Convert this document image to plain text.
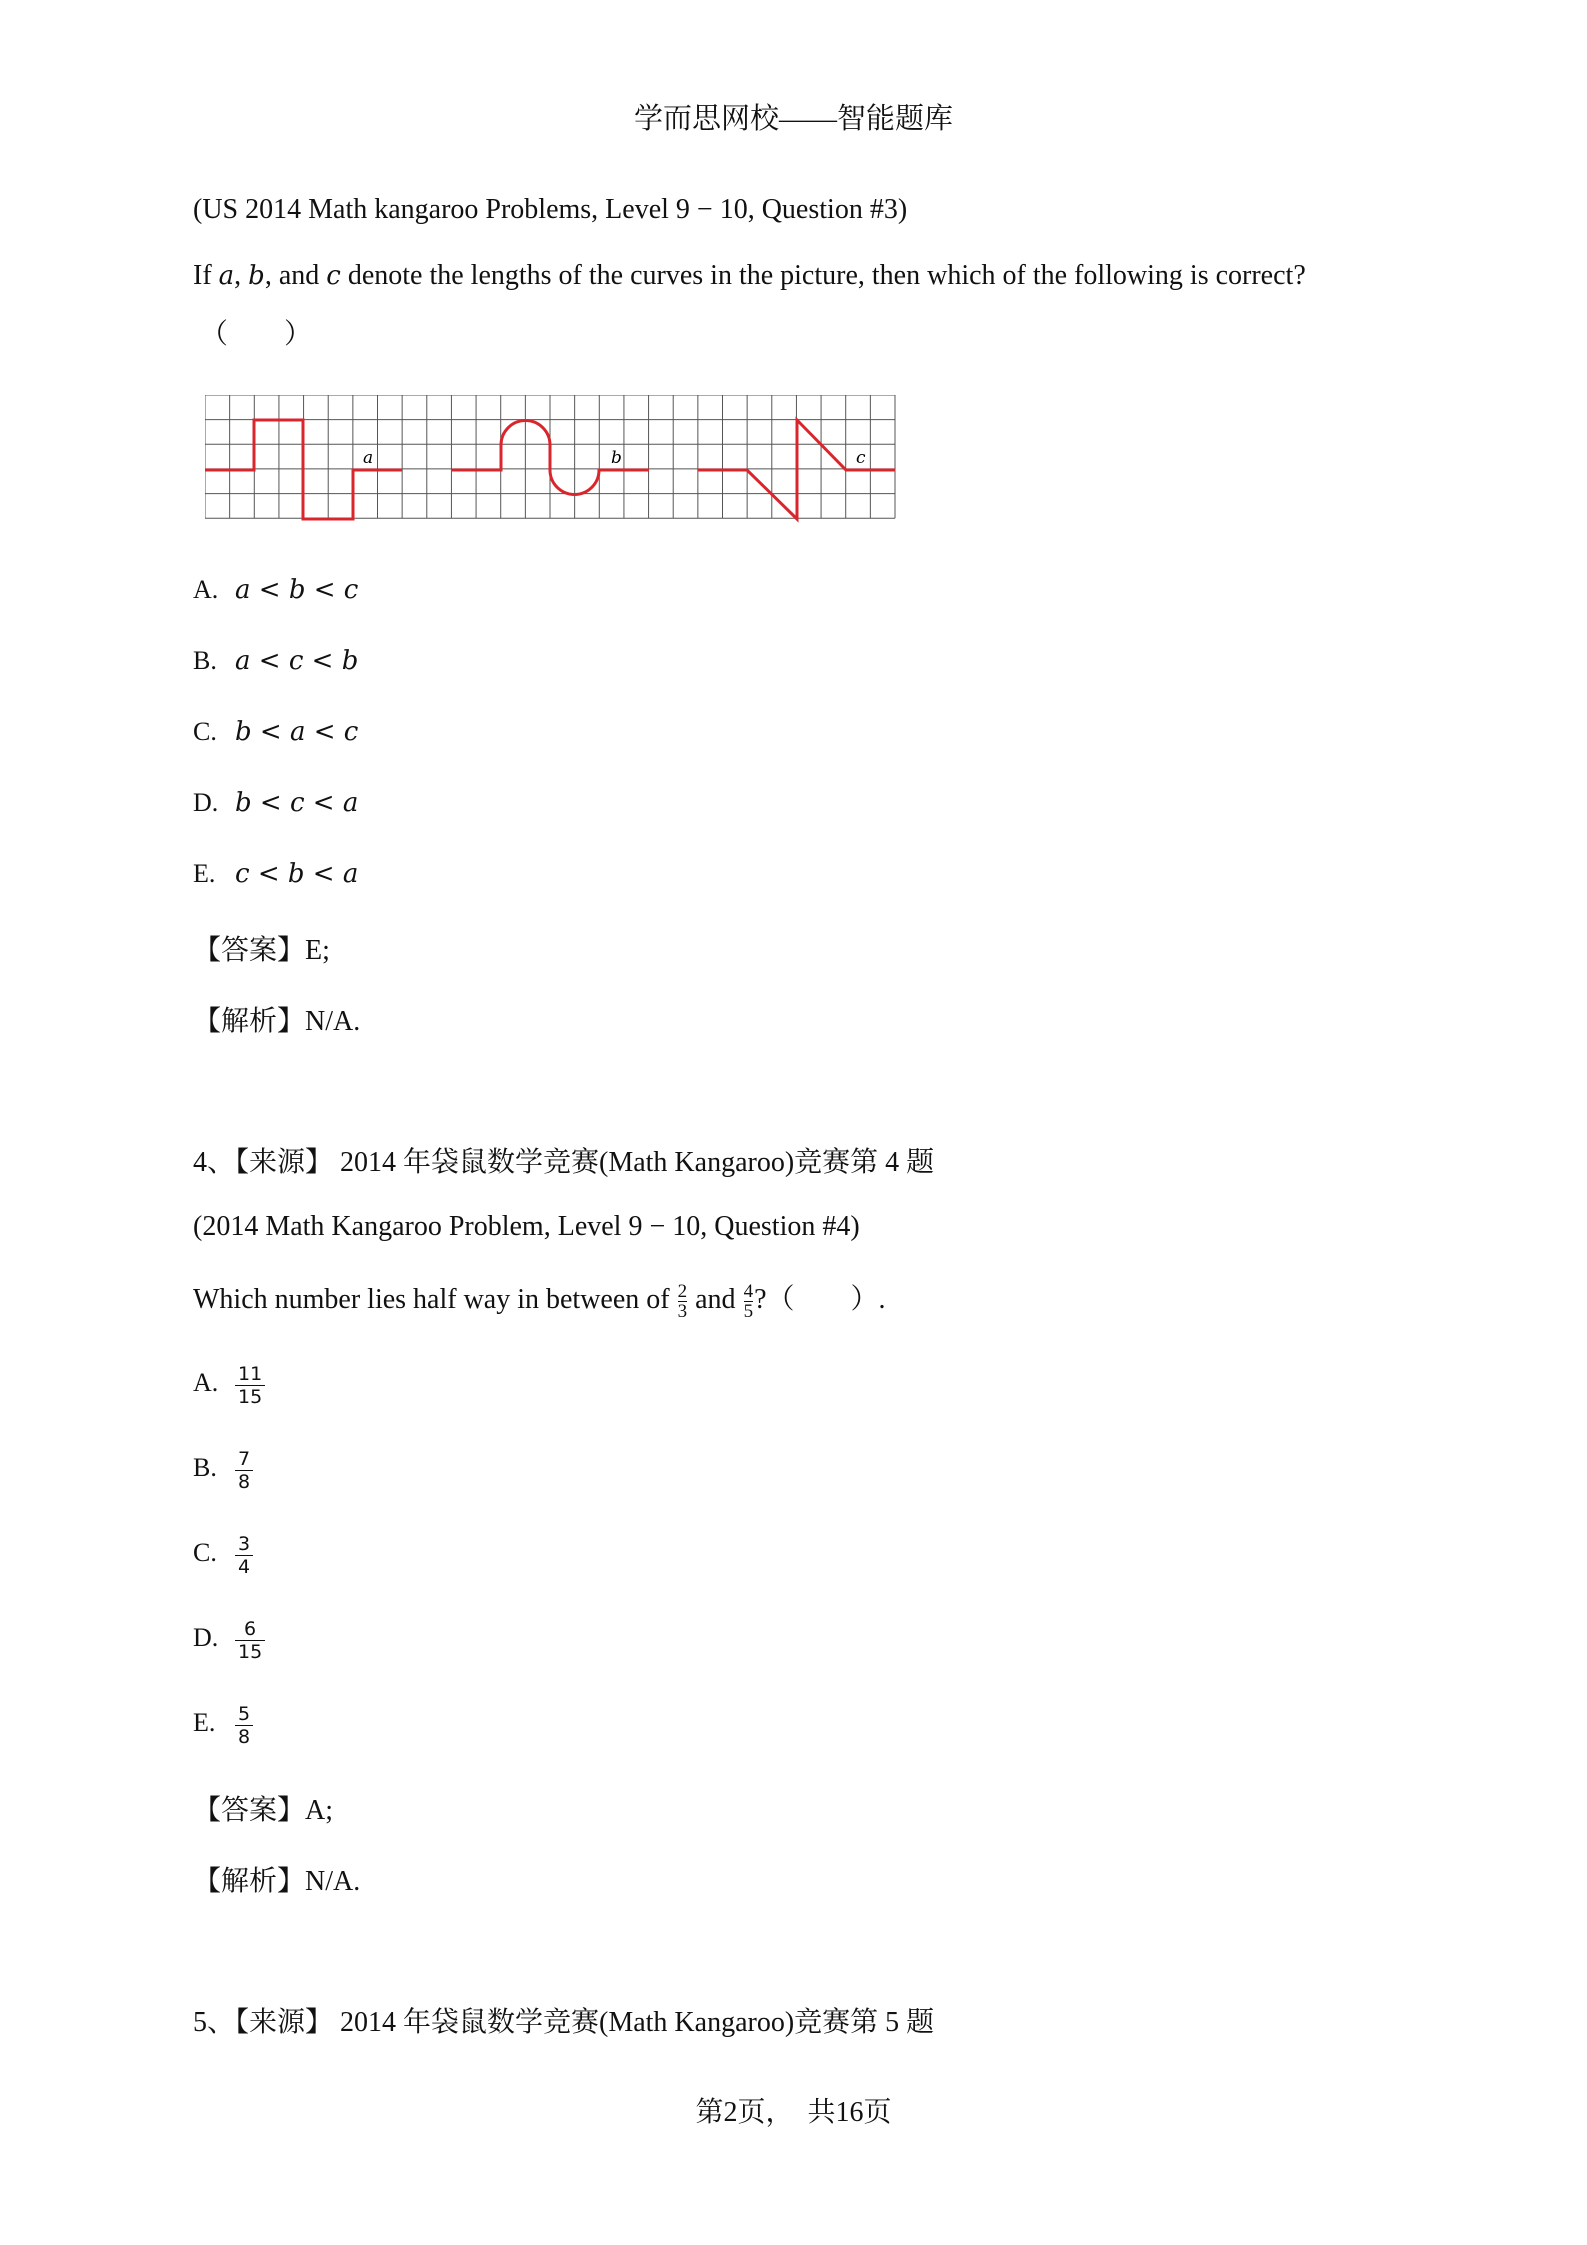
学而思网校——智能题库
(US 2014 Math kangaroo Problems, Level 9 − 10, Question #3)
If a, b, and c denote the lengths of the curves in the picture, then which of the following is correct?
（　　）
a	b	c
A. a < b < c
B. a < c < b
C. b < a < c
D. b < c < a
E. c < b < a
【答案】E;
【解析】N/A.
4、【来源】 2014 年袋鼠数学竞赛(Math Kangaroo)竞赛第 4 题
(2014 Math Kangaroo Problem, Level 9 − 10, Question #4)
Which number lies half way in between of $\frac{2}{3}$ and $\frac{4}{5}$ ?（　　）.
A. $\frac{11}{15}$
B. $\frac{7}{8}$
C. $\frac{3}{4}$
D. $\frac{6}{15}$
E. $\frac{5}{8}$
【答案】A;
【解析】N/A.
5、【来源】 2014 年袋鼠数学竞赛(Math Kangaroo)竞赛第 5 题
第2页，　共16页
